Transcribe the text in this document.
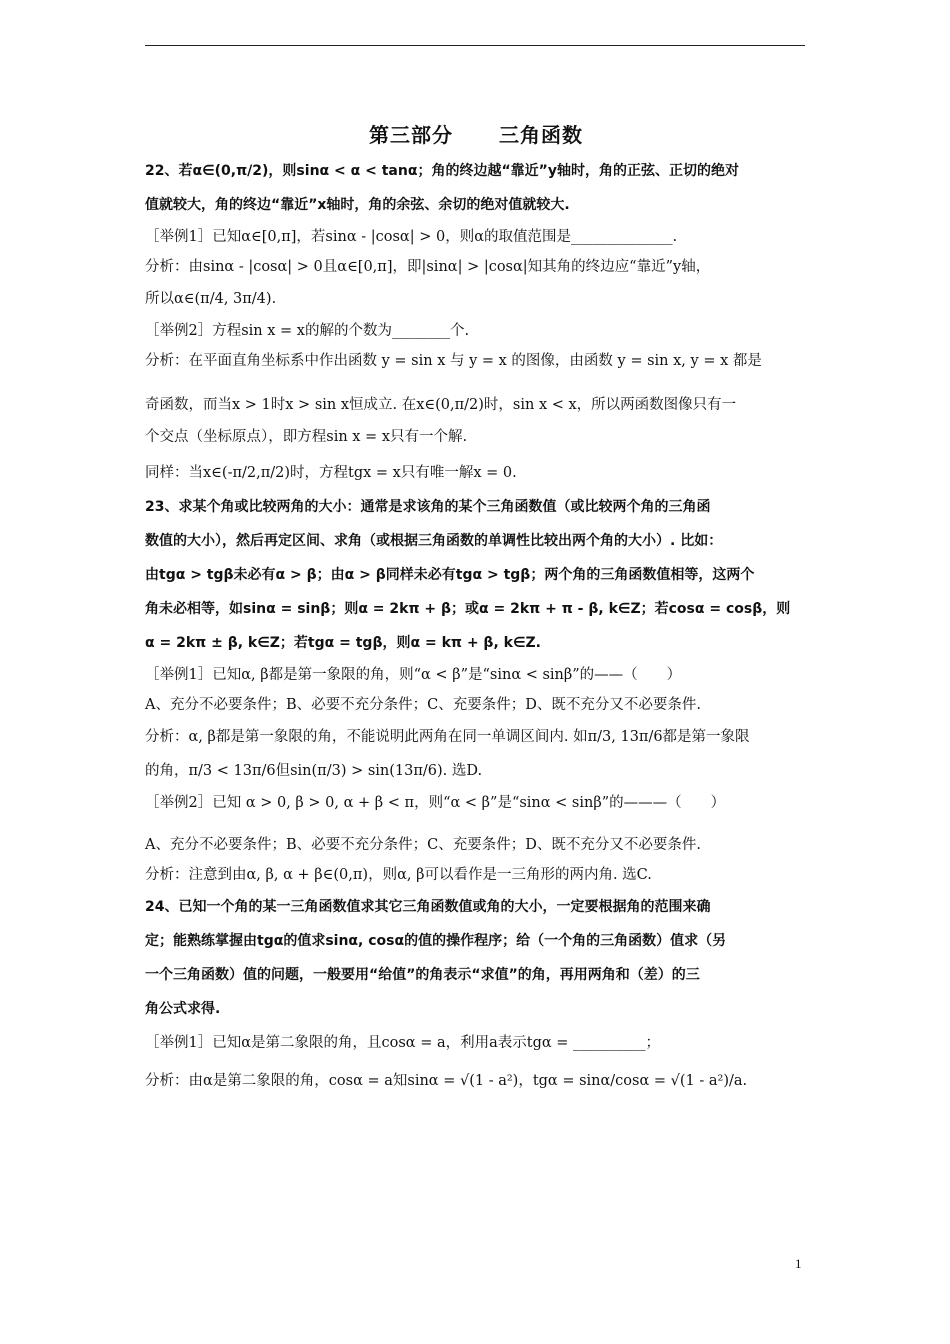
第三部分 三角函数

22、若α∈(0,π/2)，则sinα < α < tanα；角的终边越“靠近”y轴时，角的正弦、正切的绝对

值就较大，角的终边“靠近”x轴时，角的余弦、余切的绝对值就较大.

［举例1］已知α∈[0,π]，若sinα - |cosα| > 0，则α的取值范围是______________.

分析：由sinα - |cosα| > 0且α∈[0,π]，即|sinα| > |cosα|知其角的终边应“靠近”y轴，

所以α∈(π/4, 3π/4).

［举例2］方程sin x = x的解的个数为________个.

分析：在平面直角坐标系中作出函数 y = sin x 与 y = x 的图像，由函数 y = sin x, y = x 都是

奇函数，而当x > 1时x > sin x恒成立. 在x∈(0,π/2)时，sin x < x，所以两函数图像只有一

个交点（坐标原点），即方程sin x = x只有一个解.

同样：当x∈(-π/2,π/2)时，方程tgx = x只有唯一解x = 0.

23、求某个角或比较两角的大小：通常是求该角的某个三角函数值（或比较两个角的三角函

数值的大小），然后再定区间、求角（或根据三角函数的单调性比较出两个角的大小）. 比如：

由tgα > tgβ未必有α > β；由α > β同样未必有tgα > tgβ；两个角的三角函数值相等，这两个

角未必相等，如sinα = sinβ；则α = 2kπ + β；或α = 2kπ + π - β, k∈Z；若cosα = cosβ，则

α = 2kπ ± β, k∈Z；若tgα = tgβ，则α = kπ + β, k∈Z.

［举例1］已知α, β都是第一象限的角，则“α < β”是“sinα < sinβ”的——（　　）

A、充分不必要条件；B、必要不充分条件；C、充要条件；D、既不充分又不必要条件.

分析：α, β都是第一象限的角，不能说明此两角在同一单调区间内. 如π/3, 13π/6都是第一象限

的角，π/3 < 13π/6但sin(π/3) > sin(13π/6). 选D.

［举例2］已知 α > 0, β > 0, α + β < π，则“α < β”是“sinα < sinβ”的———（　　）

A、充分不必要条件；B、必要不充分条件；C、充要条件；D、既不充分又不必要条件.

分析：注意到由α, β, α + β∈(0,π)，则α, β可以看作是一三角形的两内角. 选C.

24、已知一个角的某一三角函数值求其它三角函数值或角的大小，一定要根据角的范围来确

定；能熟练掌握由tgα的值求sinα, cosα的值的操作程序；给（一个角的三角函数）值求（另

一个三角函数）值的问题，一般要用“给值”的角表示“求值”的角，再用两角和（差）的三

角公式求得.

［举例1］已知α是第二象限的角，且cosα = a，利用a表示tgα = __________；

分析：由α是第二象限的角，cosα = a知sinα = √(1 - a²)，tgα = sinα/cosα = √(1 - a²)/a.

1
